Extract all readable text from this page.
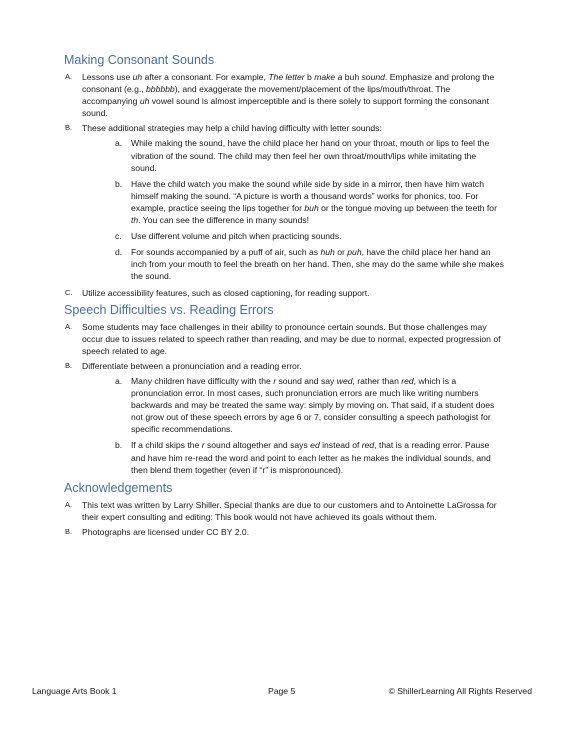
Making Consonant Sounds
A. Lessons use uh after a consonant. For example, The letter b make a buh sound. Emphasize and prolong the consonant (e.g., bbbbbb), and exaggerate the movement/placement of the lips/mouth/throat. The accompanying uh vowel sound is almost imperceptible and is there solely to support forming the consonant sound.
B. These additional strategies may help a child having difficulty with letter sounds:
a. While making the sound, have the child place her hand on your throat, mouth or lips to feel the vibration of the sound. The child may then feel her own throat/mouth/lips while imitating the sound.
b. Have the child watch you make the sound while side by side in a mirror, then have him watch himself making the sound. “A picture is worth a thousand words” works for phonics, too. For example, practice seeing the lips together for buh or the tongue moving up between the teeth for th. You can see the difference in many sounds!
c. Use different volume and pitch when practicing sounds.
d. For sounds accompanied by a puff of air, such as huh or puh, have the child place her hand an inch from your mouth to feel the breath on her hand. Then, she may do the same while she makes the sound.
C. Utilize accessibility features, such as closed captioning, for reading support.
Speech Difficulties vs. Reading Errors
A. Some students may face challenges in their ability to pronounce certain sounds. But those challenges may occur due to issues related to speech rather than reading, and may be due to normal, expected progression of speech related to age.
B. Differentiate between a pronunciation and a reading error.
a. Many children have difficulty with the r sound and say wed, rather than red, which is a pronunciation error. In most cases, such pronunciation errors are much like writing numbers backwards and may be treated the same way: simply by moving on. That said, if a student does not grow out of these speech errors by age 6 or 7, consider consulting a speech pathologist for specific recommendations.
b. If a child skips the r sound altogether and says ed instead of red, that is a reading error. Pause and have him re-read the word and point to each letter as he makes the individual sounds, and then blend them together (even if “r” is mispronounced).
Acknowledgements
A. This text was written by Larry Shiller. Special thanks are due to our customers and to Antoinette LaGrossa for their expert consulting and editing: This book would not have achieved its goals without them.
B. Photographs are licensed under CC BY 2.0.
Language Arts Book 1	Page 5	© ShillerLearning All Rights Reserved
